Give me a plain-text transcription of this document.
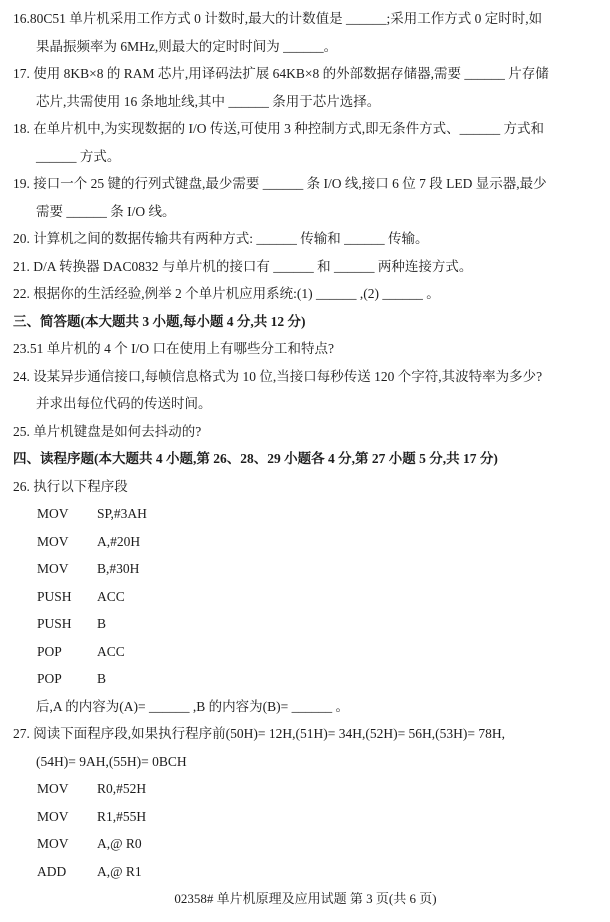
16.80C51 单片机采用工作方式 0 计数时,最大的计数值是 ______;采用工作方式 0 定时时,如
果晶振频率为 6MHz,则最大的定时时间为 ______。
17. 使用 8KB×8 的 RAM 芯片,用译码法扩展 64KB×8 的外部数据存储器,需要 ______ 片存储
芯片,共需使用 16 条地址线,其中 ______ 条用于芯片选择。
18. 在单片机中,为实现数据的 I/O 传送,可使用 3 种控制方式,即无条件方式、______ 方式和
______ 方式。
19. 接口一个 25 键的行列式键盘,最少需要 ______ 条 I/O 线,接口 6 位 7 段 LED 显示器,最少
需要 ______ 条 I/O 线。
20. 计算机之间的数据传输共有两种方式: ______ 传输和 ______ 传输。
21. D/A 转换器 DAC0832 与单片机的接口有 ______ 和 ______ 两种连接方式。
22. 根据你的生活经验,例举 2 个单片机应用系统:(1) ______ ,(2) ______ 。
三、简答题(本大题共 3 小题,每小题 4 分,共 12 分)
23.51 单片机的 4 个 I/O 口在使用上有哪些分工和特点?
24. 设某异步通信接口,每帧信息格式为 10 位,当接口每秒传送 120 个字符,其波特率为多少?
并求出每位代码的传送时间。
25. 单片机键盘是如何去抖动的?
四、读程序题(本大题共 4 小题,第 26、28、29 小题各 4 分,第 27 小题 5 分,共 17 分)
26. 执行以下程序段
MOV SP,#3AH
MOV A,#20H
MOV B,#30H
PUSH ACC
PUSH B
POP	ACC
POP	B
后,A 的内容为(A)= ______ ,B 的内容为(B)= ______ 。
27. 阅读下面程序段,如果执行程序前(50H)= 12H,(51H)= 34H,(52H)= 56H,(53H)= 78H,
(54H)= 9AH,(55H)= 0BCH
MOV R0,#52H
MOV R1,#55H
MOV A,@ R0
ADD A,@ R1
02358# 单片机原理及应用试题 第 3 页(共 6 页)
